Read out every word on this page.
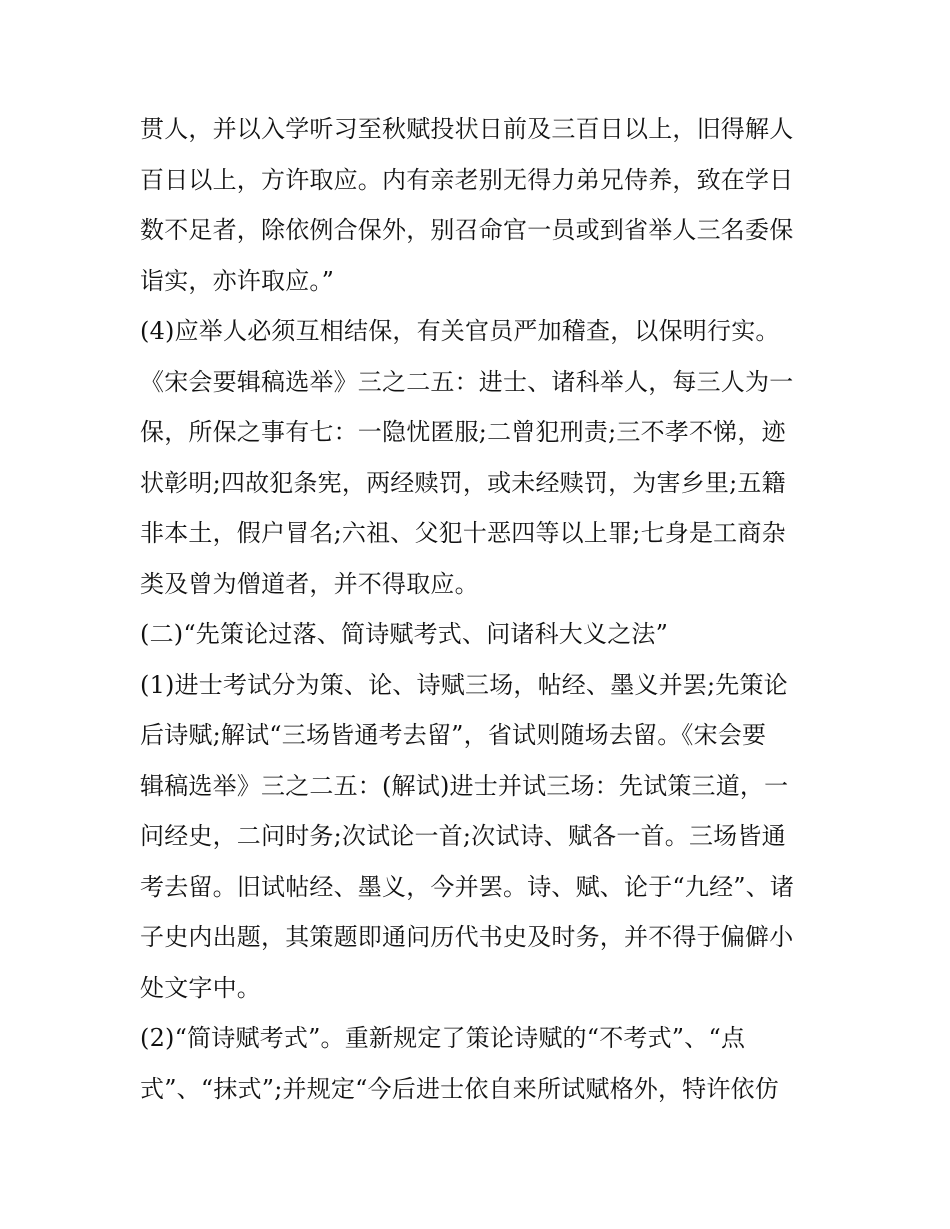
贯人，并以入学听习至秋赋投状日前及三百日以上，旧得解人
百日以上，方许取应。内有亲老别无得力弟兄侍养，致在学日
数不足者，除依例合保外，别召命官一员或到省举人三名委保
诣实，亦许取应。”
(4)应举人必须互相结保，有关官员严加稽查，以保明行实。
《宋会要辑稿选举》三之二五：进士、诸科举人，每三人为一
保，所保之事有七：一隐忧匿服;二曾犯刑责;三不孝不悌，迹
状彰明;四故犯条宪，两经赎罚，或未经赎罚，为害乡里;五籍
非本土，假户冒名;六祖、父犯十恶四等以上罪;七身是工商杂
类及曾为僧道者，并不得取应。
(二)“先策论过落、简诗赋考式、问诸科大义之法”
(1)进士考试分为策、论、诗赋三场，帖经、墨义并罢;先策论
后诗赋;解试“三场皆通考去留”，省试则随场去留。《宋会要
辑稿选举》三之二五：(解试)进士并试三场：先试策三道，一
问经史，二问时务;次试论一首;次试诗、赋各一首。三场皆通
考去留。旧试帖经、墨义，今并罢。诗、赋、论于“九经”、诸
子史内出题，其策题即通问历代书史及时务，并不得于偏僻小
处文字中。
(2)“简诗赋考式”。重新规定了策论诗赋的“不考式”、“点
式”、“抹式”;并规定“今后进士依自来所试赋格外，特许依仿
